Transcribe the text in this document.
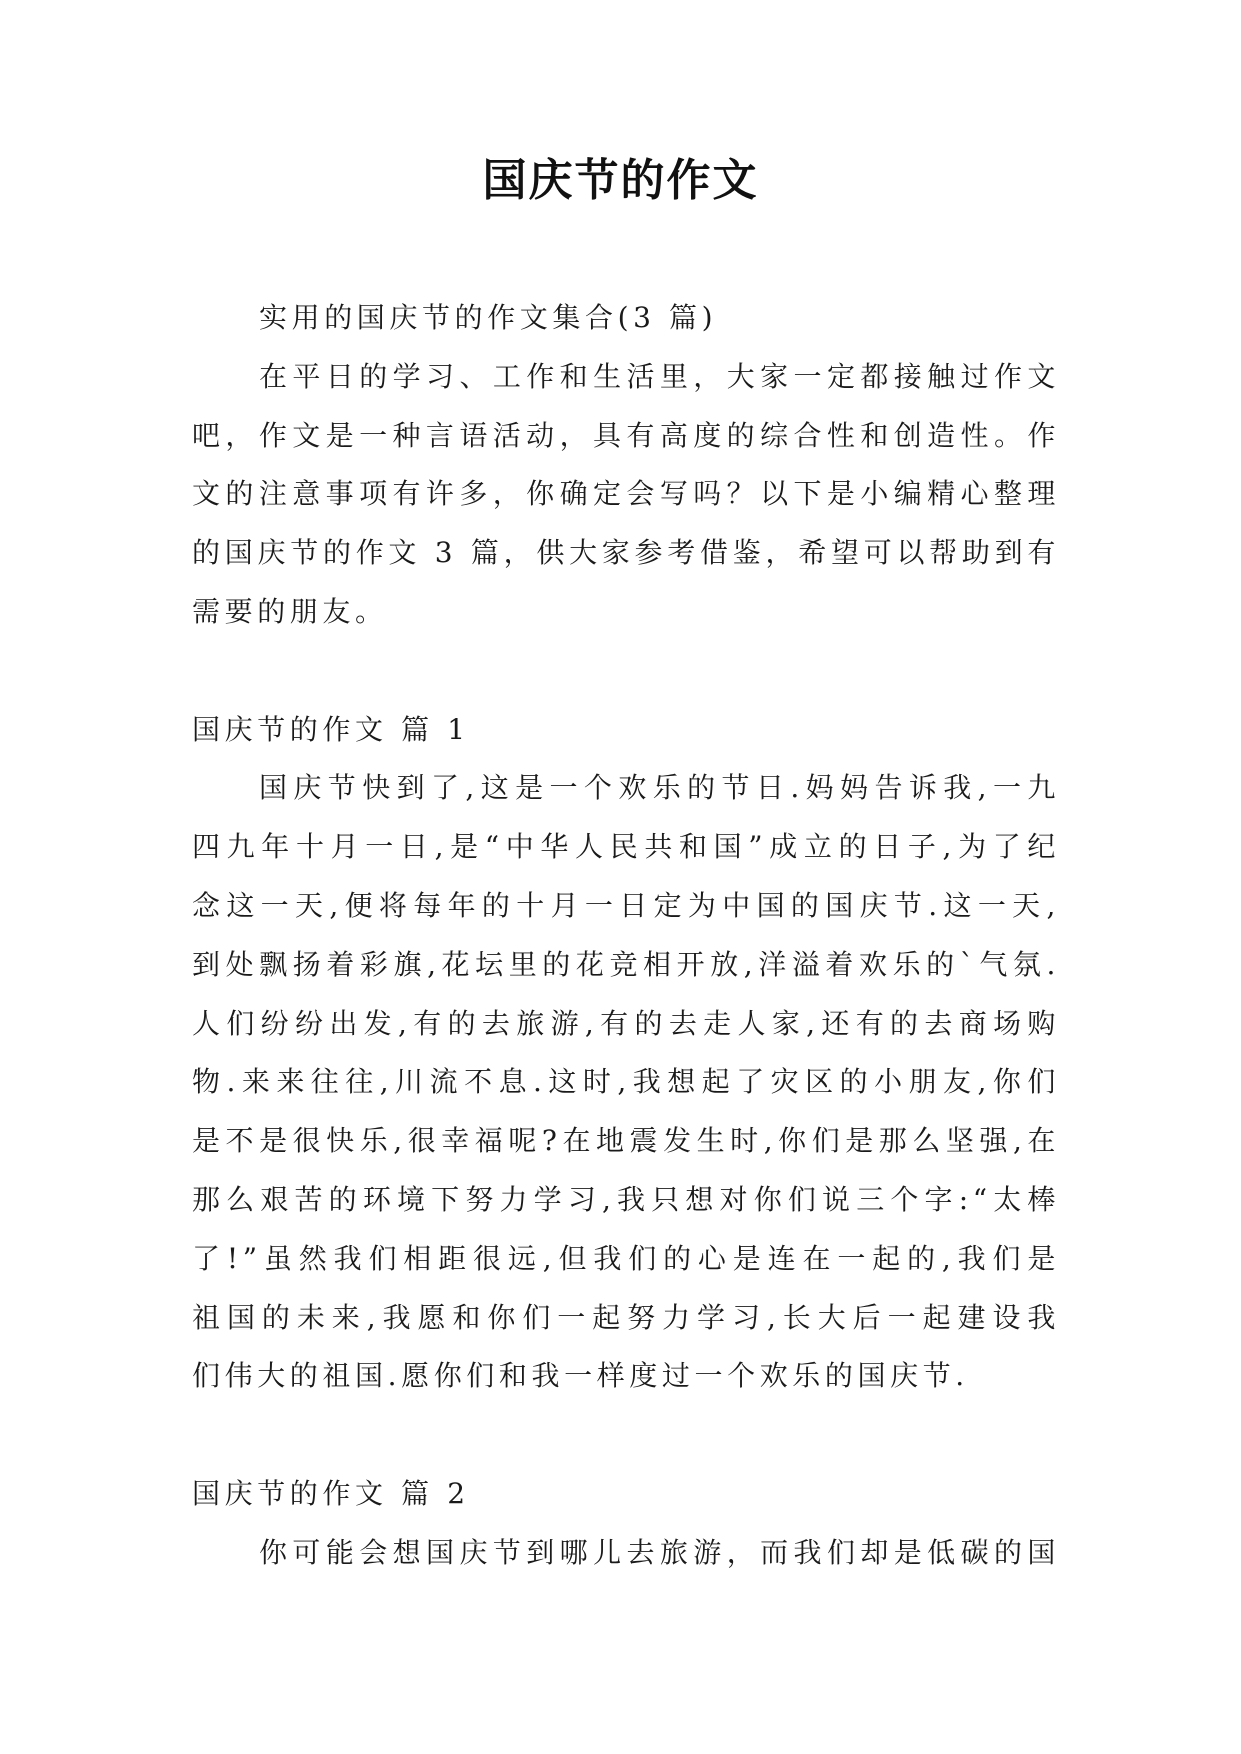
国庆节的作文
实用的国庆节的作文集合(3 篇)
在平日的学习、工作和生活里，大家一定都接触过作文
吧，作文是一种言语活动，具有高度的综合性和创造性。作
文的注意事项有许多，你确定会写吗？以下是小编精心整理
的国庆节的作文 3 篇，供大家参考借鉴，希望可以帮助到有
需要的朋友。
国庆节的作文 篇 1
国庆节快到了,这是一个欢乐的节日.妈妈告诉我,一九
四九年十月一日,是“中华人民共和国”成立的日子,为了纪
念这一天,便将每年的十月一日定为中国的国庆节.这一天,
到处飘扬着彩旗,花坛里的花竞相开放,洋溢着欢乐的`气氛.
人们纷纷出发,有的去旅游,有的去走人家,还有的去商场购
物.来来往往,川流不息.这时,我想起了灾区的小朋友,你们
是不是很快乐,很幸福呢?在地震发生时,你们是那么坚强,在
那么艰苦的环境下努力学习,我只想对你们说三个字:“太棒
了!”虽然我们相距很远,但我们的心是连在一起的,我们是
祖国的未来,我愿和你们一起努力学习,长大后一起建设我
们伟大的祖国.愿你们和我一样度过一个欢乐的国庆节.
国庆节的作文 篇 2
你可能会想国庆节到哪儿去旅游，而我们却是低碳的国
